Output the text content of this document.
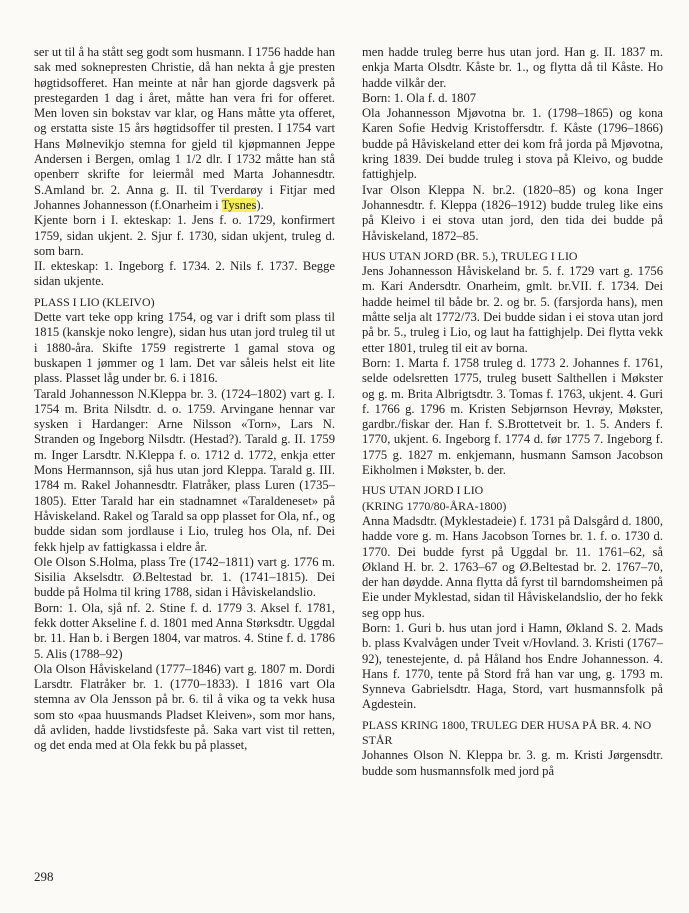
ser ut til å ha stått seg godt som husmann. I 1756 hadde han sak med soknepresten Christie, då han nekta å gje presten høgtidsofferet. Han meinte at når han gjorde dagsverk på prestegarden 1 dag i året, måtte han vera fri for offeret. Men loven sin bokstav var klar, og Hans måtte yta offeret, og erstatta siste 15 års høgtidsoffer til presten. I 1754 vart Hans Mølnevikjo stemna for gjeld til kjøpmannen Jeppe Andersen i Bergen, omlag 1 1/2 dlr. I 1732 måtte han stå openberr skrifte for leiermål med Marta Johannesdtr. S.Amland br. 2. Anna g. II. til Tverdarøy i Fitjar med Johannes Johannesson (f.Onarheim i Tysnes).

Kjente born i I. ekteskap: 1. Jens f. o. 1729, konfirmert 1759, sidan ukjent. 2. Sjur f. 1730, sidan ukjent, truleg d. som barn.

II. ekteskap: 1. Ingeborg f. 1734. 2. Nils f. 1737. Begge sidan ukjente.

PLASS I LIO (KLEIVO)

Dette vart teke opp kring 1754, og var i drift som plass til 1815 (kanskje noko lengre), sidan hus utan jord truleg til ut i 1880-åra. Skifte 1759 registrerte 1 gamal stova og buskapen 1 jømmer og 1 lam. Det var såleis helst eit lite plass. Plasset låg under br. 6. i 1816.

Tarald Johannesson N.Kleppa br. 3. (1724–1802) vart g. I. 1754 m. Brita Nilsdtr. d. o. 1759. Arvingane hennar var sysken i Hardanger: Arne Nilsson «Torn», Lars N. Stranden og Ingeborg Nilsdtr. (Hestad?). Tarald g. II. 1759 m. Inger Larsdtr. N.Kleppa f. o. 1712 d. 1772, enkja etter Mons Hermannson, sjå hus utan jord Kleppa. Tarald g. III. 1784 m. Rakel Johannesdtr. Flatråker, plass Luren (1735–1805). Etter Tarald har ein stadnamnet «Taraldeneset» på Håviskeland. Rakel og Tarald sa opp plasset for Ola, nf., og budde sidan som jordlause i Lio, truleg hos Ola, nf. Dei fekk hjelp av fattigkassa i eldre år.

Ole Olson S.Holma, plass Tre (1742–1811) vart g. 1776 m. Sisilia Akselsdtr. Ø.Beltestad br. 1. (1741–1815). Dei budde på Holma til kring 1788, sidan i Håviskelandslio.

Born: 1. Ola, sjå nf. 2. Stine f. d. 1779 3. Aksel f. 1781, fekk dotter Akseline f. d. 1801 med Anna Størksdtr. Uggdal br. 11. Han b. i Bergen 1804, var matros. 4. Stine f. d. 1786 5. Alis (1788–92)

Ola Olson Håviskeland (1777–1846) vart g. 1807 m. Dordi Larsdtr. Flatråker br. 1. (1770–1833). I 1816 vart Ola stemna av Ola Jensson på br. 6. til å vika og ta vekk husa som sto «paa huusmands Pladset Kleiven», som mor hans, då avliden, hadde livstidsfeste på. Saka vart vist til retten, og det enda med at Ola fekk bu på plasset,

men hadde truleg berre hus utan jord. Han g. II. 1837 m. enkja Marta Olsdtr. Kåste br. 1., og flytta då til Kåste. Ho hadde vilkår der.

Born: 1. Ola f. d. 1807

Ola Johannesson Mjøvotna br. 1. (1798–1865) og kona Karen Sofie Hedvig Kristoffersdtr. f. Kåste (1796–1866) budde på Håviskeland etter dei kom frå jorda på Mjøvotna, kring 1839. Dei budde truleg i stova på Kleivo, og budde fattighjelp.

Ivar Olson Kleppa N. br.2. (1820–85) og kona Inger Johannesdtr. f. Kleppa (1826–1912) budde truleg like eins på Kleivo i ei stova utan jord, den tida dei budde på Håviskeland, 1872–85.

HUS UTAN JORD (BR. 5.), TRULEG I LIO

Jens Johannesson Håviskeland br. 5. f. 1729 vart g. 1756 m. Kari Andersdtr. Onarheim, gmlt. br.VII. f. 1734. Dei hadde heimel til både br. 2. og br. 5. (farsjorda hans), men måtte selja alt 1772/73. Dei budde sidan i ei stova utan jord på br. 5., truleg i Lio, og laut ha fattighjelp. Dei flytta vekk etter 1801, truleg til eit av borna.

Born: 1. Marta f. 1758 truleg d. 1773 2. Johannes f. 1761, selde odelsretten 1775, truleg busett Salthellen i Møkster og g. m. Brita Albrigtsdtr. 3. Tomas f. 1763, ukjent. 4. Guri f. 1766 g. 1796 m. Kristen Sebjørnson Hevrøy, Møkster, gardbr./fiskar der. Han f. S.Brottetveit br. 1. 5. Anders f. 1770, ukjent. 6. Ingeborg f. 1774 d. før 1775 7. Ingeborg f. 1775 g. 1827 m. enkjemann, husmann Samson Jacobson Eikholmen i Møkster, b. der.

HUS UTAN JORD I LIO

(KRING 1770/80-ÅRA-1800)

Anna Madsdtr. (Myklestadeie) f. 1731 på Dalsgård d. 1800, hadde vore g. m. Hans Jacobson Tornes br. 1. f. o. 1730 d. 1770. Dei budde fyrst på Uggdal br. 11. 1761–62, så Økland H. br. 2. 1763–67 og Ø.Beltestad br. 2. 1767–70, der han døydde. Anna flytta då fyrst til barndomsheimen på Eie under Myklestad, sidan til Håviskelandslio, der ho fekk seg opp hus.

Born: 1. Guri b. hus utan jord i Hamn, Økland S. 2. Mads b. plass Kvalvågen under Tveit v/Hovland. 3. Kristi (1767–92), tenestejente, d. på Håland hos Endre Johannesson. 4. Hans f. 1770, tente på Stord frå han var ung, g. 1793 m. Synneva Gabrielsdtr. Haga, Stord, vart husmannsfolk på Agdestein.

PLASS KRING 1800, TRULEG DER HUSA PÅ BR. 4. NO STÅR

Johannes Olson N. Kleppa br. 3. g. m. Kristi Jørgensdtr. budde som husmannsfolk med jord på

298
